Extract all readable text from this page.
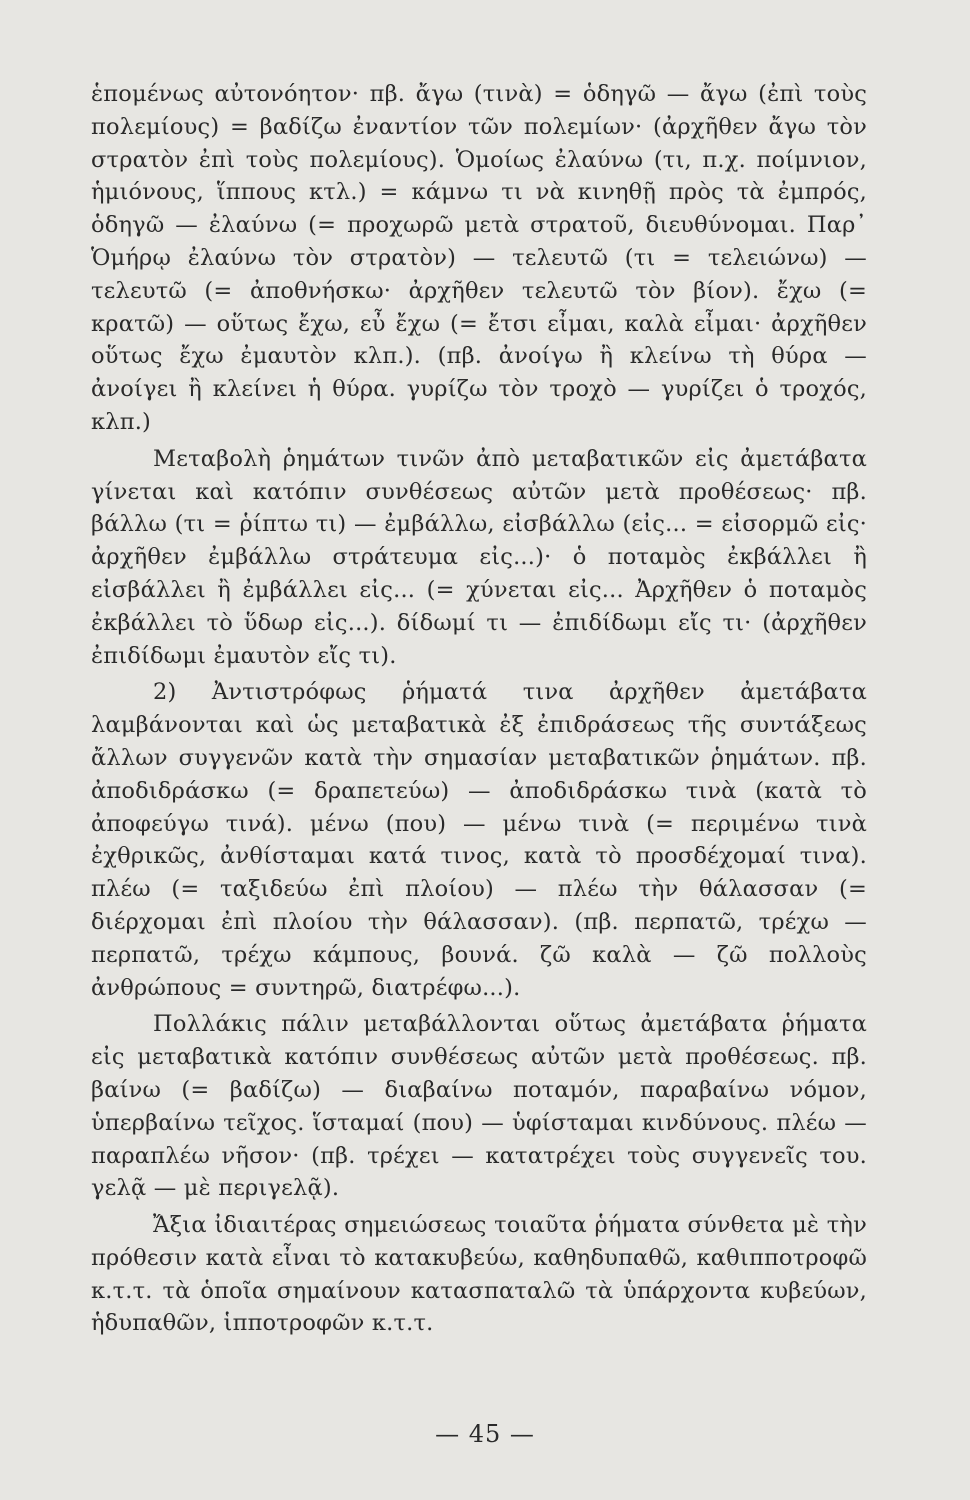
ἑπομένως αὐτονόητον· πβ. ἄγω (τινὰ) = ὁδηγῶ — ἄγω (ἐπὶ τοὺς πολεμίους) = βαδίζω ἐναντίον τῶν πολεμίων· (ἀρχῆθεν ἄγω τὸν στρατὸν ἐπὶ τοὺς πολεμίους). Ὁμοίως ἐλαύνω (τι, π.χ. ποίμνιον, ἡμιόνους, ἵππους κτλ.) = κάμνω τι νὰ κινηθῇ πρὸς τὰ ἐμπρός, ὁδηγῶ — ἐλαύνω (= προχωρῶ μετὰ στρατοῦ, διευθύνομαι. Παρ᾿ Ὁμήρῳ ἐλαύνω τὸν στρατὸν) — τελευτῶ (τι = τελειώνω) — τελευτῶ (= ἀποθνήσκω· ἀρχῆθεν τελευτῶ τὸν βίον). ἔχω (= κρατῶ) — οὕτως ἔχω, εὖ ἔχω (= ἔτσι εἶμαι, καλὰ εἶμαι· ἀρχῆθεν οὕτως ἔχω ἐμαυτὸν κλπ.). (πβ. ἀνοίγω ἢ κλείνω τὴ θύρα — ἀνοίγει ἢ κλείνει ἡ θύρα. γυρίζω τὸν τροχὸ — γυρίζει ὁ τροχός, κλπ.)

Μεταβολὴ ῥημάτων τινῶν ἀπὸ μεταβατικῶν εἰς ἀμετάβατα γίνεται καὶ κατόπιν συνθέσεως αὐτῶν μετὰ προθέσεως· πβ. βάλλω (τι = ῥίπτω τι) — ἐμβάλλω, εἰσβάλλω (εἰς... = εἰσορμῶ εἰς· ἀρχῆθεν ἐμβάλλω στράτευμα εἰς...)· ὁ ποταμὸς ἐκβάλλει ἢ εἰσβάλλει ἢ ἐμβάλλει εἰς... (= χύνεται εἰς... Ἀρχῆθεν ὁ ποταμὸς ἐκβάλλει τὸ ὕδωρ εἰς...). δίδωμί τι — ἐπιδίδωμι εἴς τι· (ἀρχῆθεν ἐπιδίδωμι ἐμαυτὸν εἴς τι).

2) Ἀντιστρόφως ῥήματά τινα ἀρχῆθεν ἀμετάβατα λαμβάνονται καὶ ὡς μεταβατικὰ ἐξ ἐπιδράσεως τῆς συντάξεως ἄλλων συγγενῶν κατὰ τὴν σημασίαν μεταβατικῶν ῥημάτων. πβ. ἀποδιδράσκω (= δραπετεύω) — ἀποδιδράσκω τινὰ (κατὰ τὸ ἀποφεύγω τινά). μένω (που) — μένω τινὰ (= περιμένω τινὰ ἐχθρικῶς, ἀνθίσταμαι κατά τινος, κατὰ τὸ προσδέχομαί τινα). πλέω (= ταξιδεύω ἐπὶ πλοίου) — πλέω τὴν θάλασσαν (= διέρχομαι ἐπὶ πλοίου τὴν θάλασσαν). (πβ. περπατῶ, τρέχω — περπατῶ, τρέχω κάμπους, βουνά. ζῶ καλὰ — ζῶ πολλοὺς ἀνθρώπους = συντηρῶ, διατρέφω...).

Πολλάκις πάλιν μεταβάλλονται οὕτως ἀμετάβατα ῥήματα εἰς μεταβατικὰ κατόπιν συνθέσεως αὐτῶν μετὰ προθέσεως. πβ. βαίνω (= βαδίζω) — διαβαίνω ποταμόν, παραβαίνω νόμον, ὑπερβαίνω τεῖχος. ἵσταμαί (που) — ὑφίσταμαι κινδύνους. πλέω — παραπλέω νῆσον· (πβ. τρέχει — κατατρέχει τοὺς συγγενεῖς του. γελᾷ — μὲ περιγελᾷ).

Ἄξια ἰδιαιτέρας σημειώσεως τοιαῦτα ῥήματα σύνθετα μὲ τὴν πρόθεσιν κατὰ εἶναι τὸ κατακυβεύω, καθηδυπαθῶ, καθιπποτροφῶ κ.τ.τ. τὰ ὁποῖα σημαίνουν κατασπαταλῶ τὰ ὑπάρχοντα κυβεύων, ἡδυπαθῶν, ἱπποτροφῶν κ.τ.τ.

— 45 —
